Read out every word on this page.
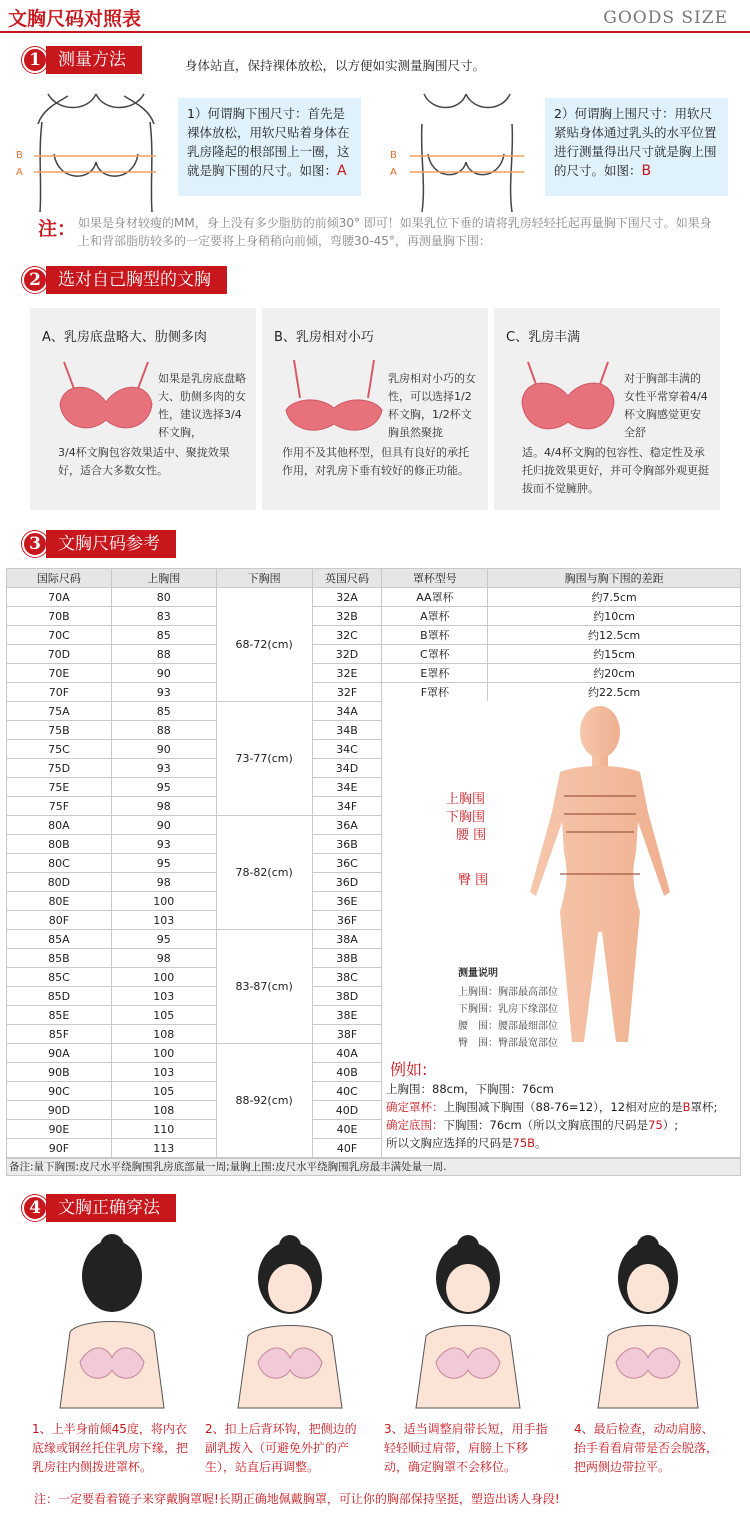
文胸尺码对照表	GOODS SIZE
1	测量方法	身体站直，保持裸体放松，以方便如实测量胸围尺寸。
B
A
1）何谓胸下围尺寸：首先是裸体放松，用软尺贴着身体在乳房隆起的根部围上一圈，这就是胸下围的尺寸。如图：A
B
A
2）何谓胸上围尺寸：用软尺紧贴身体通过乳头的水平位置进行测量得出尺寸就是胸上围的尺寸。如图：B
注： 如果是身材较瘦的MM，身上没有多少脂肪的前倾30° 即可！如果乳位下垂的请将乳房轻轻托起再量胸下围尺寸。如果身上和背部脂肪较多的一定要将上身稍稍向前倾，弯腰30-45°，再测量胸下围：
2	选对自己胸型的文胸
A、乳房底盘略大、肋侧多肉
如果是乳房底盘略大、肋侧多肉的女性，建议选择3/4杯文胸，
3/4杯文胸包容效果适中、聚拢效果好，适合大多数女性。
B、乳房相对小巧
乳房相对小巧的女性，可以选择1/2杯文胸，1/2杯文胸虽然聚拢
作用不及其他杯型，但具有良好的承托作用，对乳房下垂有较好的修正功能。
C、乳房丰满
对于胸部丰满的女性平常穿着4/4杯文胸感觉更安全舒
适。4/4杯文胸的包容性、稳定性及承托归拢效果更好，并可令胸部外观更挺拔而不觉臃肿。
3	文胸尺码参考
国际尺码	上胸围	下胸围	英国尺码	罩杯型号	胸围与胸下围的差距
70A	80	68-72(cm)	32A	AA罩杯	约7.5cm
70B	83		32B	A罩杯	约10cm
70C	85		32C	B罩杯	约12.5cm
70D	88		32D	C罩杯	约15cm
70E	90		32E	E罩杯	约20cm
70F	93		32F	F罩杯	约22.5cm
75A	85	73-77(cm)	34A		
75B	88		34B		
75C	90		34C		
75D	93		34D		
75E	95		34E		
75F	98		34F		
80A	90	78-82(cm)	36A		
80B	93		36B		
80C	95		36C		
80D	98		36D		
80E	100		36E		
80F	103		36F		
85A	95	83-87(cm)	38A		
85B	98		38B		
85C	100		38C		
85D	103		38D		
85E	105		38E		
85F	108		38F		
90A	100	88-92(cm)	40A		
90B	103		40B		
90C	105		40C		
90D	108		40D		
90E	110		40E		
90F	113		40F		
上胸围
下胸围
腰 围
臀 围
测量说明
上胸围：胸部最高部位
下胸围：乳房下缘部位
腰　围：腰部最细部位
臀　围：臀部最宽部位
例如:
上胸围：88cm，下胸围：76cm
确定罩杯：上胸围减下胸围（88-76=12），12相对应的是B罩杯;
确定底围：下胸围：76cm（所以文胸底围的尺码是75）;
所以文胸应选择的尺码是75B。
备注:量下胸围:皮尺水平绕胸围乳房底部量一周;量胸上围:皮尺水平绕胸围乳房最丰满处量一周.
4	文胸正确穿法
1、上半身前倾45度，将内衣底缘或钢丝托住乳房下缘，把乳房往内侧拨进罩杯。
2、扣上后背环钩，把侧边的副乳拨入（可避免外扩的产生），站直后再调整。
3、适当调整肩带长短，用手指轻轻顺过肩带，肩膀上下移动，确定胸罩不会移位。
4、最后检查，动动肩膀、抬手看看肩带是否会脱落，把两侧边带拉平。
注：一定要看着镜子来穿戴胸罩喔!长期正确地佩戴胸罩，可让你的胸部保持坚挺，塑造出诱人身段!
